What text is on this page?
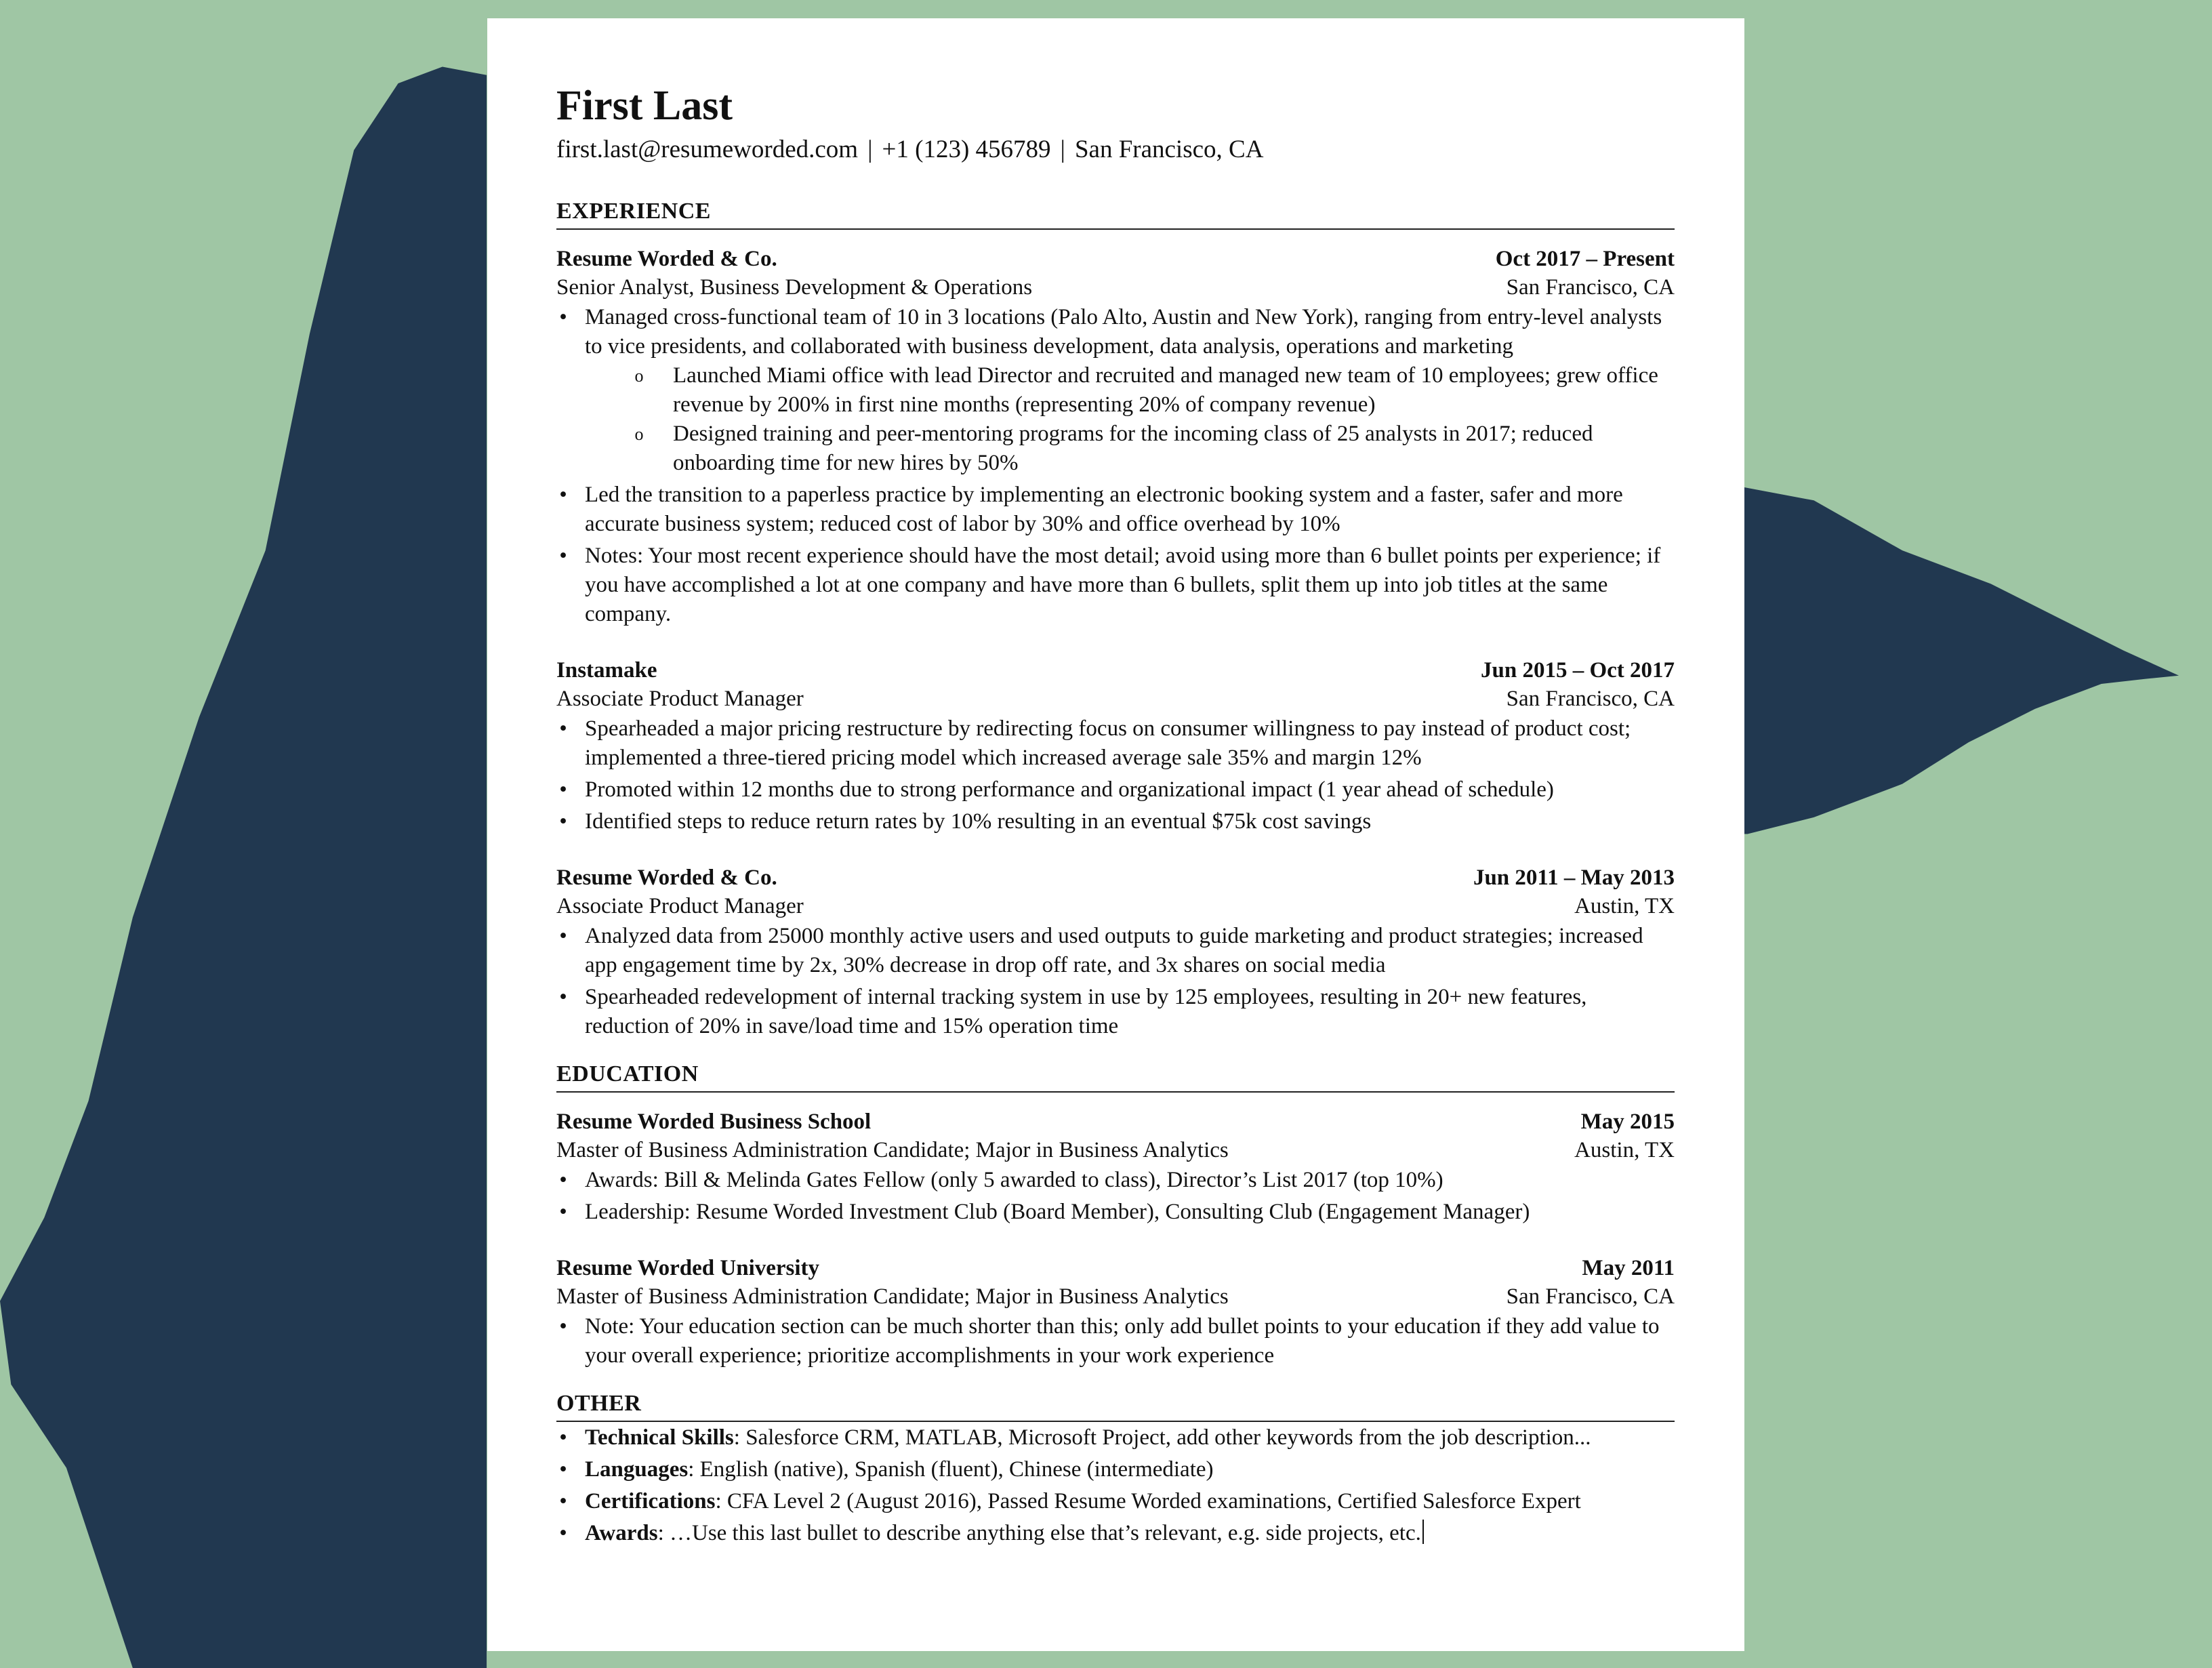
First Last
first.last@resumeworded.com | +1 (123) 456789 | San Francisco, CA
EXPERIENCE
Resume Worded & Co.	Oct 2017 – Present
Senior Analyst, Business Development & Operations	San Francisco, CA
• Managed cross-functional team of 10 in 3 locations (Palo Alto, Austin and New York), ranging from entry-level analysts to vice presidents, and collaborated with business development, data analysis, operations and marketing
o Launched Miami office with lead Director and recruited and managed new team of 10 employees; grew office revenue by 200% in first nine months (representing 20% of company revenue)
o Designed training and peer-mentoring programs for the incoming class of 25 analysts in 2017; reduced onboarding time for new hires by 50%
• Led the transition to a paperless practice by implementing an electronic booking system and a faster, safer and more accurate business system; reduced cost of labor by 30% and office overhead by 10%
• Notes: Your most recent experience should have the most detail; avoid using more than 6 bullet points per experience; if you have accomplished a lot at one company and have more than 6 bullets, split them up into job titles at the same company.
Instamake	Jun 2015 – Oct 2017
Associate Product Manager	San Francisco, CA
• Spearheaded a major pricing restructure by redirecting focus on consumer willingness to pay instead of product cost; implemented a three-tiered pricing model which increased average sale 35% and margin 12%
• Promoted within 12 months due to strong performance and organizational impact (1 year ahead of schedule)
• Identified steps to reduce return rates by 10% resulting in an eventual $75k cost savings
Resume Worded & Co.	Jun 2011 – May 2013
Associate Product Manager	Austin, TX
• Analyzed data from 25000 monthly active users and used outputs to guide marketing and product strategies; increased app engagement time by 2x, 30% decrease in drop off rate, and 3x shares on social media
• Spearheaded redevelopment of internal tracking system in use by 125 employees, resulting in 20+ new features, reduction of 20% in save/load time and 15% operation time
EDUCATION
Resume Worded Business School	May 2015
Master of Business Administration Candidate; Major in Business Analytics	Austin, TX
• Awards: Bill & Melinda Gates Fellow (only 5 awarded to class), Director’s List 2017 (top 10%)
• Leadership: Resume Worded Investment Club (Board Member), Consulting Club (Engagement Manager)
Resume Worded University	May 2011
Master of Business Administration Candidate; Major in Business Analytics	San Francisco, CA
• Note: Your education section can be much shorter than this; only add bullet points to your education if they add value to your overall experience; prioritize accomplishments in your work experience
OTHER
• Technical Skills: Salesforce CRM, MATLAB, Microsoft Project, add other keywords from the job description...
• Languages: English (native), Spanish (fluent), Chinese (intermediate)
• Certifications: CFA Level 2 (August 2016), Passed Resume Worded examinations, Certified Salesforce Expert
• Awards: …Use this last bullet to describe anything else that’s relevant, e.g. side projects, etc.
